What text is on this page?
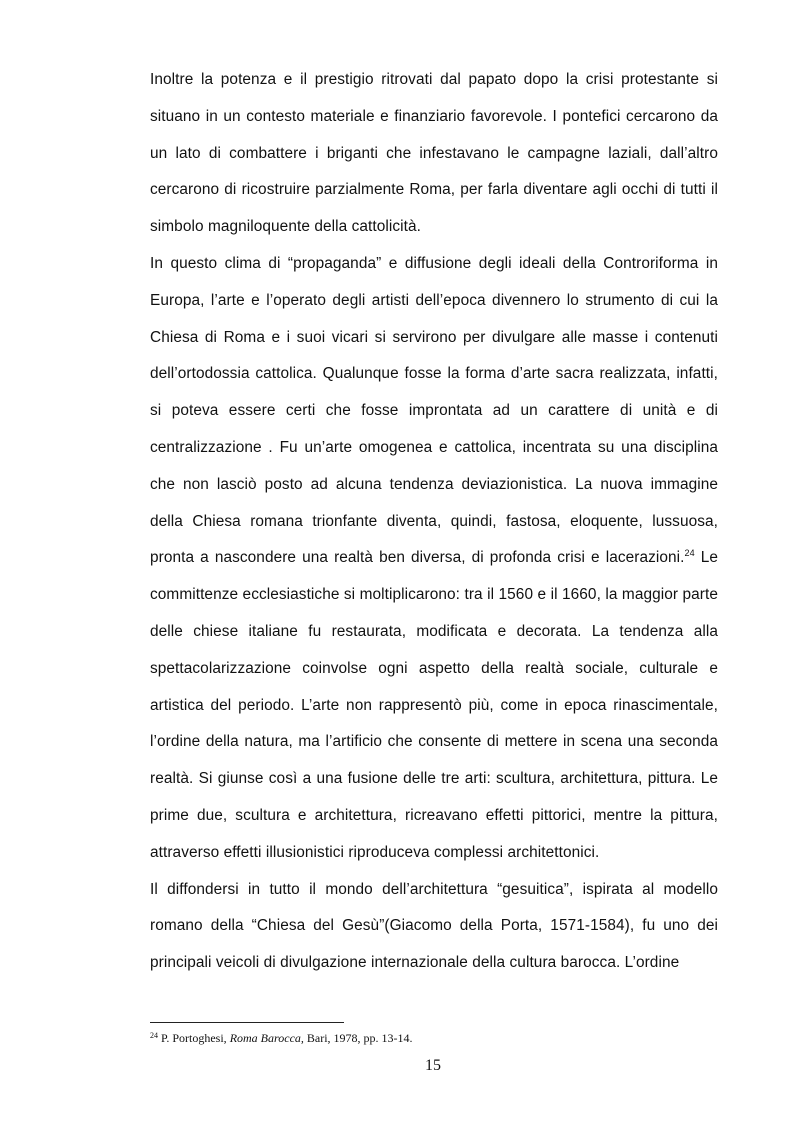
Inoltre la potenza e il prestigio ritrovati dal papato dopo la crisi protestante si situano in un contesto materiale e finanziario favorevole. I pontefici cercarono da un lato di combattere i briganti che infestavano le campagne laziali, dall’altro cercarono di ricostruire parzialmente Roma, per farla diventare agli occhi di tutti il simbolo magniloquente della cattolicità.

In questo clima di “propaganda” e diffusione degli ideali della Controriforma in Europa, l’arte e l’operato degli artisti dell’epoca divennero lo strumento di cui la Chiesa di Roma e i suoi vicari si servirono per divulgare alle masse i contenuti dell’ortodossia cattolica. Qualunque fosse la forma d’arte sacra realizzata, infatti, si poteva essere certi che fosse improntata ad un carattere di unità e di centralizzazione . Fu un’arte omogenea e cattolica, incentrata su una disciplina che non lasciò posto ad alcuna tendenza deviazionistica. La nuova immagine della Chiesa romana trionfante diventa, quindi, fastosa, eloquente, lussuosa, pronta a nascondere una realtà ben diversa, di profonda crisi e lacerazioni.$^{24}$ Le committenze ecclesiastiche si moltiplicarono: tra il 1560 e il 1660, la maggior parte delle chiese italiane fu restaurata, modificata e decorata. La tendenza alla spettacolarizzazione coinvolse ogni aspetto della realtà sociale, culturale e artistica del periodo. L’arte non rappresentò più, come in epoca rinascimentale, l’ordine della natura, ma l’artificio che consente di mettere in scena una seconda realtà. Si giunse così a una fusione delle tre arti: scultura, architettura, pittura. Le prime due, scultura e architettura, ricreavano effetti pittorici, mentre la pittura, attraverso effetti illusionistici riproduceva complessi architettonici.

Il diffondersi in tutto il mondo dell’architettura “gesuitica”, ispirata al modello romano della “Chiesa del Gesù”(Giacomo della Porta, 1571-1584), fu uno dei principali veicoli di divulgazione internazionale della cultura barocca. L’ordine

$^{24}$ P. Portoghesi, Roma Barocca, Bari, 1978, pp. 13-14.
15
